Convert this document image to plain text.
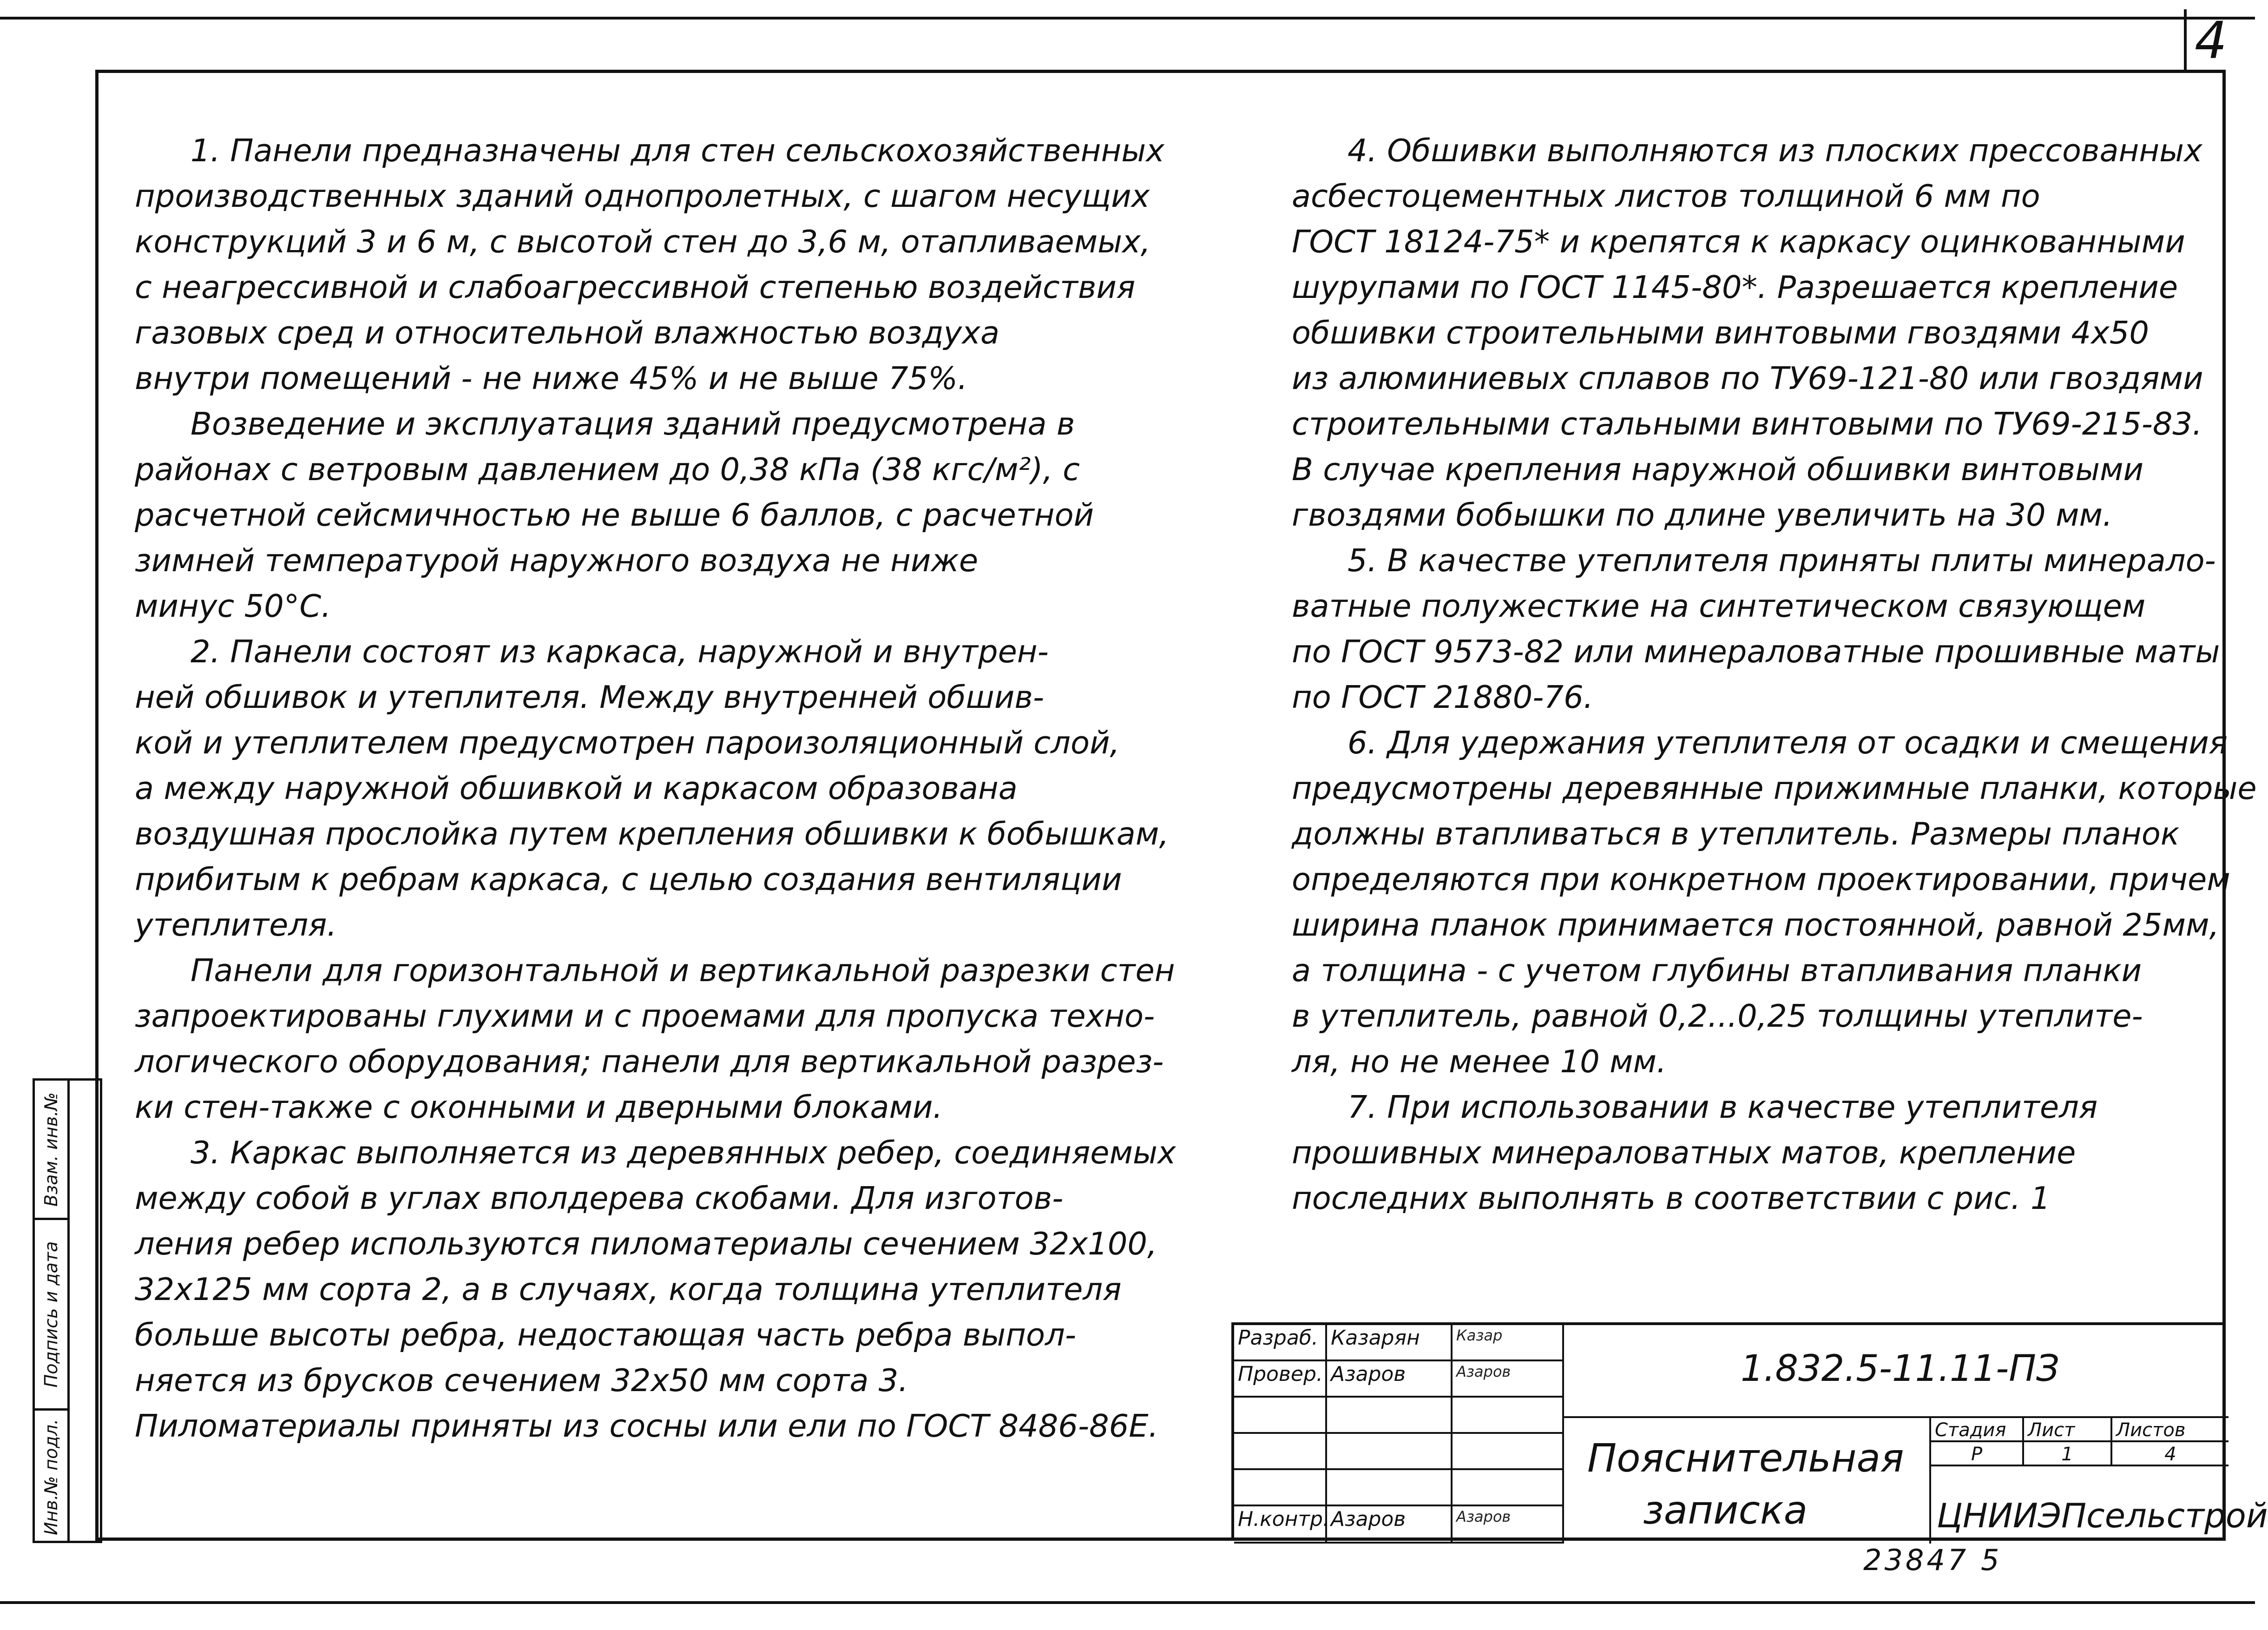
4
1. Панели предназначены для стен сельскохозяйственных
производственных зданий однопролетных, с шагом несущих
конструкций 3 и 6 м, с высотой стен до 3,6 м, отапливаемых,
с неагрессивной и слабоагрессивной степенью воздействия
газовых сред и относительной влажностью воздуха
внутри помещений - не ниже 45% и не выше 75%.
Возведение и эксплуатация зданий предусмотрена в
районах с ветровым давлением до 0,38 кПа (38 кгс/м²), с
расчетной сейсмичностью не выше 6 баллов, с расчетной
зимней температурой наружного воздуха не ниже
минус 50°С.
2. Панели состоят из каркаса, наружной и внутрен-
ней обшивок и утеплителя. Между внутренней обшив-
кой и утеплителем предусмотрен пароизоляционный слой,
а между наружной обшивкой и каркасом образована
воздушная прослойка путем крепления обшивки к бобышкам,
прибитым к ребрам каркаса, с целью создания вентиляции
утеплителя.
Панели для горизонтальной и вертикальной разрезки стен
запроектированы глухими и с проемами для пропуска техно-
логического оборудования; панели для вертикальной разрез-
ки стен-также с оконными и дверными блоками.
3. Каркас выполняется из деревянных ребер, соединяемых
между собой в углах вполдерева скобами. Для изготов-
ления ребер используются пиломатериалы сечением 32х100,
32х125 мм сорта 2, а в случаях, когда толщина утеплителя
больше высоты ребра, недостающая часть ребра выпол-
няется из брусков сечением 32х50 мм сорта 3.
Пиломатериалы приняты из сосны или ели по ГОСТ 8486-86Е.
4. Обшивки выполняются из плоских прессованных
асбестоцементных листов толщиной 6 мм по
ГОСТ 18124-75* и крепятся к каркасу оцинкованными
шурупами по ГОСТ 1145-80*. Разрешается крепление
обшивки строительными винтовыми гвоздями 4х50
из алюминиевых сплавов по ТУ69-121-80 или гвоздями
строительными стальными винтовыми по ТУ69-215-83.
В случае крепления наружной обшивки винтовыми
гвоздями бобышки по длине увеличить на 30 мм.
5. В качестве утеплителя приняты плиты минерало-
ватные полужесткие на синтетическом связующем
по ГОСТ 9573-82 или минераловатные прошивные маты
по ГОСТ 21880-76.
6. Для удержания утеплителя от осадки и смещения
предусмотрены деревянные прижимные планки, которые
должны втапливаться в утеплитель. Размеры планок
определяются при конкретном проектировании, причем
ширина планок принимается постоянной, равной 25мм,
а толщина - с учетом глубины втапливания планки
в утеплитель, равной 0,2...0,25 толщины утеплите-
ля, но не менее 10 мм.
7. При использовании в качестве утеплителя
прошивных минераловатных матов, крепление
последних выполнять в соответствии с рис. 1
Взам. инв.№
Подпись и дата
Инв.№ подл.
Разраб. Казарян	Казар
Провер. Азаров	Азаров
Н.контр. Азаров	Азаров
1.832.5-11.11-ПЗ
Пояснительная
записка
Стадия	Лист	Листов
Р	1	4
ЦНИИЭПсельстрой
23847 5
